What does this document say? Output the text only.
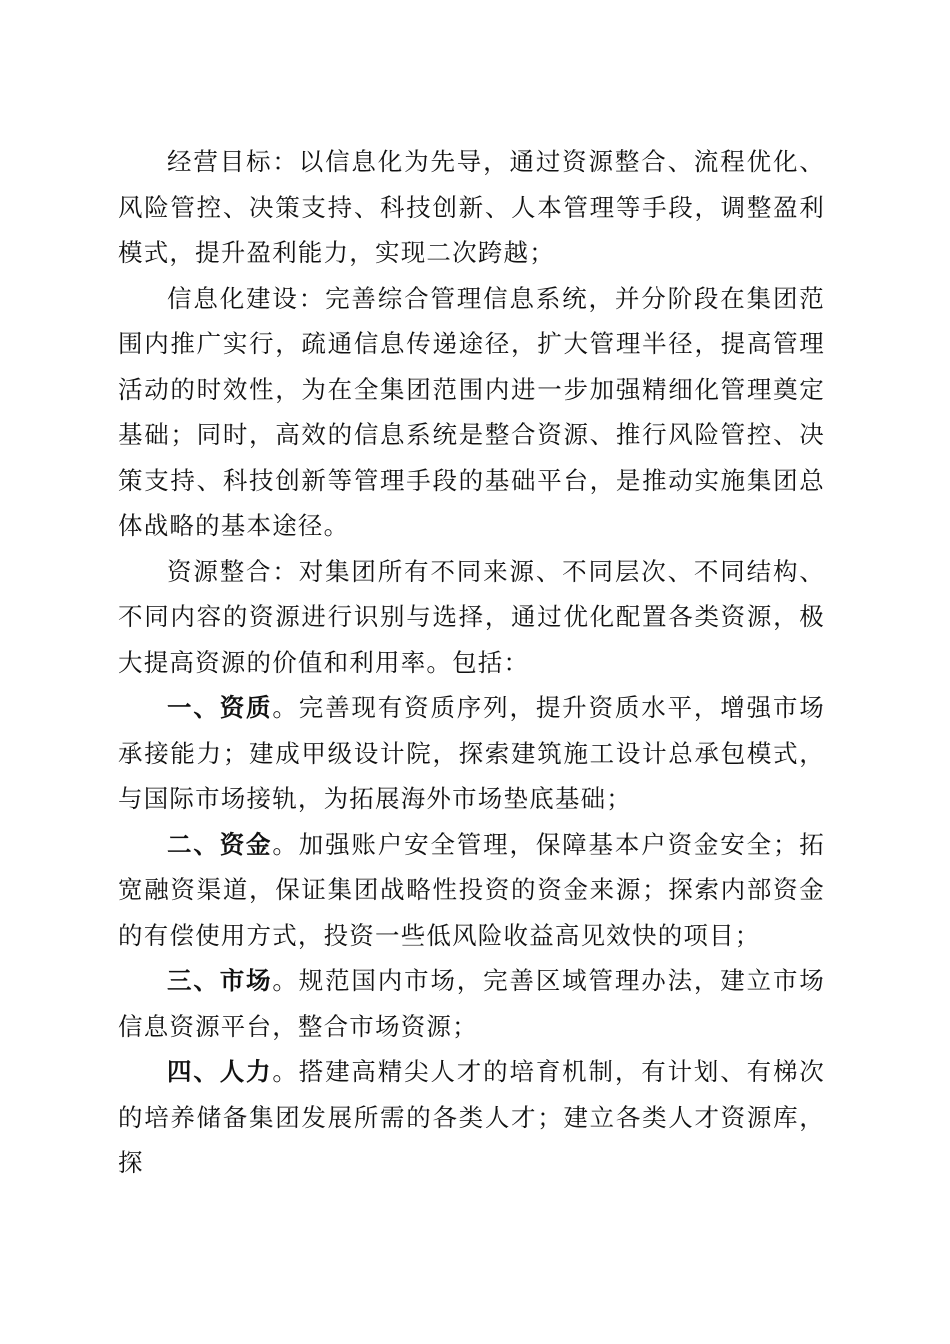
经营目标：以信息化为先导，通过资源整合、流程优化、风险管控、决策支持、科技创新、人本管理等手段，调整盈利模式，提升盈利能力，实现二次跨越；

信息化建设：完善综合管理信息系统，并分阶段在集团范围内推广实行，疏通信息传递途径，扩大管理半径，提高管理活动的时效性，为在全集团范围内进一步加强精细化管理奠定基础；同时，高效的信息系统是整合资源、推行风险管控、决策支持、科技创新等管理手段的基础平台，是推动实施集团总体战略的基本途径。

资源整合：对集团所有不同来源、不同层次、不同结构、不同内容的资源进行识别与选择，通过优化配置各类资源，极大提高资源的价值和利用率。包括：

一、资质。完善现有资质序列，提升资质水平，增强市场承接能力；建成甲级设计院，探索建筑施工设计总承包模式，与国际市场接轨，为拓展海外市场垫底基础；

二、资金。加强账户安全管理，保障基本户资金安全；拓宽融资渠道，保证集团战略性投资的资金来源；探索内部资金的有偿使用方式，投资一些低风险收益高见效快的项目；

三、市场。规范国内市场，完善区域管理办法，建立市场信息资源平台，整合市场资源；

四、人力。搭建高精尖人才的培育机制，有计划、有梯次的培养储备集团发展所需的各类人才；建立各类人才资源库，探
